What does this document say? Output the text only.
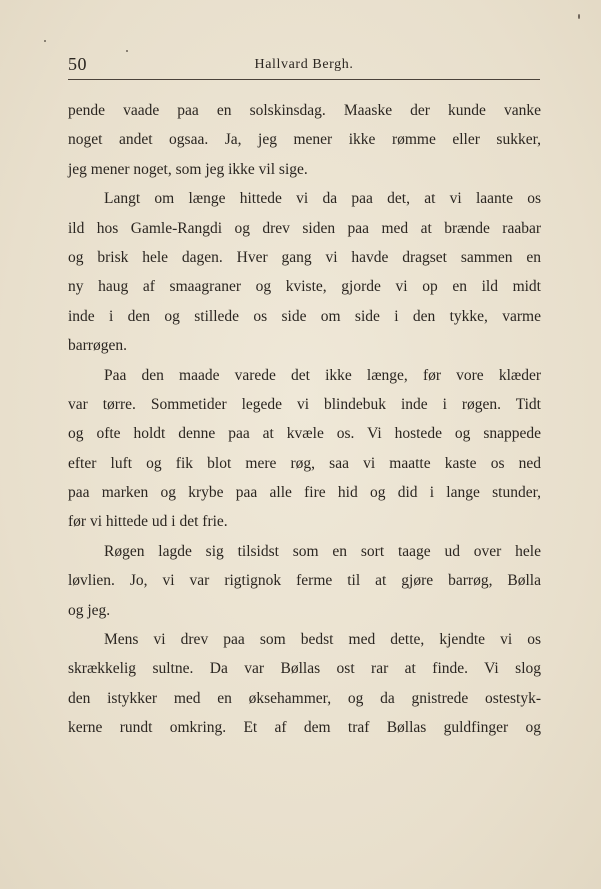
50	Hallvard Bergh.
pende vaade paa en solskinsdag. Maaske der kunde vanke
noget andet ogsaa. Ja, jeg mener ikke rømme eller sukker,
jeg mener noget, som jeg ikke vil sige.
Langt om længe hittede vi da paa det, at vi laante os
ild hos Gamle-Rangdi og drev siden paa med at brænde raabar
og brisk hele dagen. Hver gang vi havde dragset sammen en
ny haug af smaagraner og kviste, gjorde vi op en ild midt
inde i den og stillede os side om side i den tykke, varme
barrøgen.
Paa den maade varede det ikke længe, før vore klæder
var tørre. Sommetider legede vi blindebuk inde i røgen. Tidt
og ofte holdt denne paa at kvæle os. Vi hostede og snappede
efter luft og fik blot mere røg, saa vi maatte kaste os ned
paa marken og krybe paa alle fire hid og did i lange stunder,
før vi hittede ud i det frie.
Røgen lagde sig tilsidst som en sort taage ud over hele
løvlien. Jo, vi var rigtignok ferme til at gjøre barrøg, Bølla
og jeg.
Mens vi drev paa som bedst med dette, kjendte vi os
skrækkelig sultne. Da var Bøllas ost rar at finde. Vi slog
den istykker med en øksehammer, og da gnistrede ostestyk-
kerne rundt omkring. Et af dem traf Bøllas guldfinger og
